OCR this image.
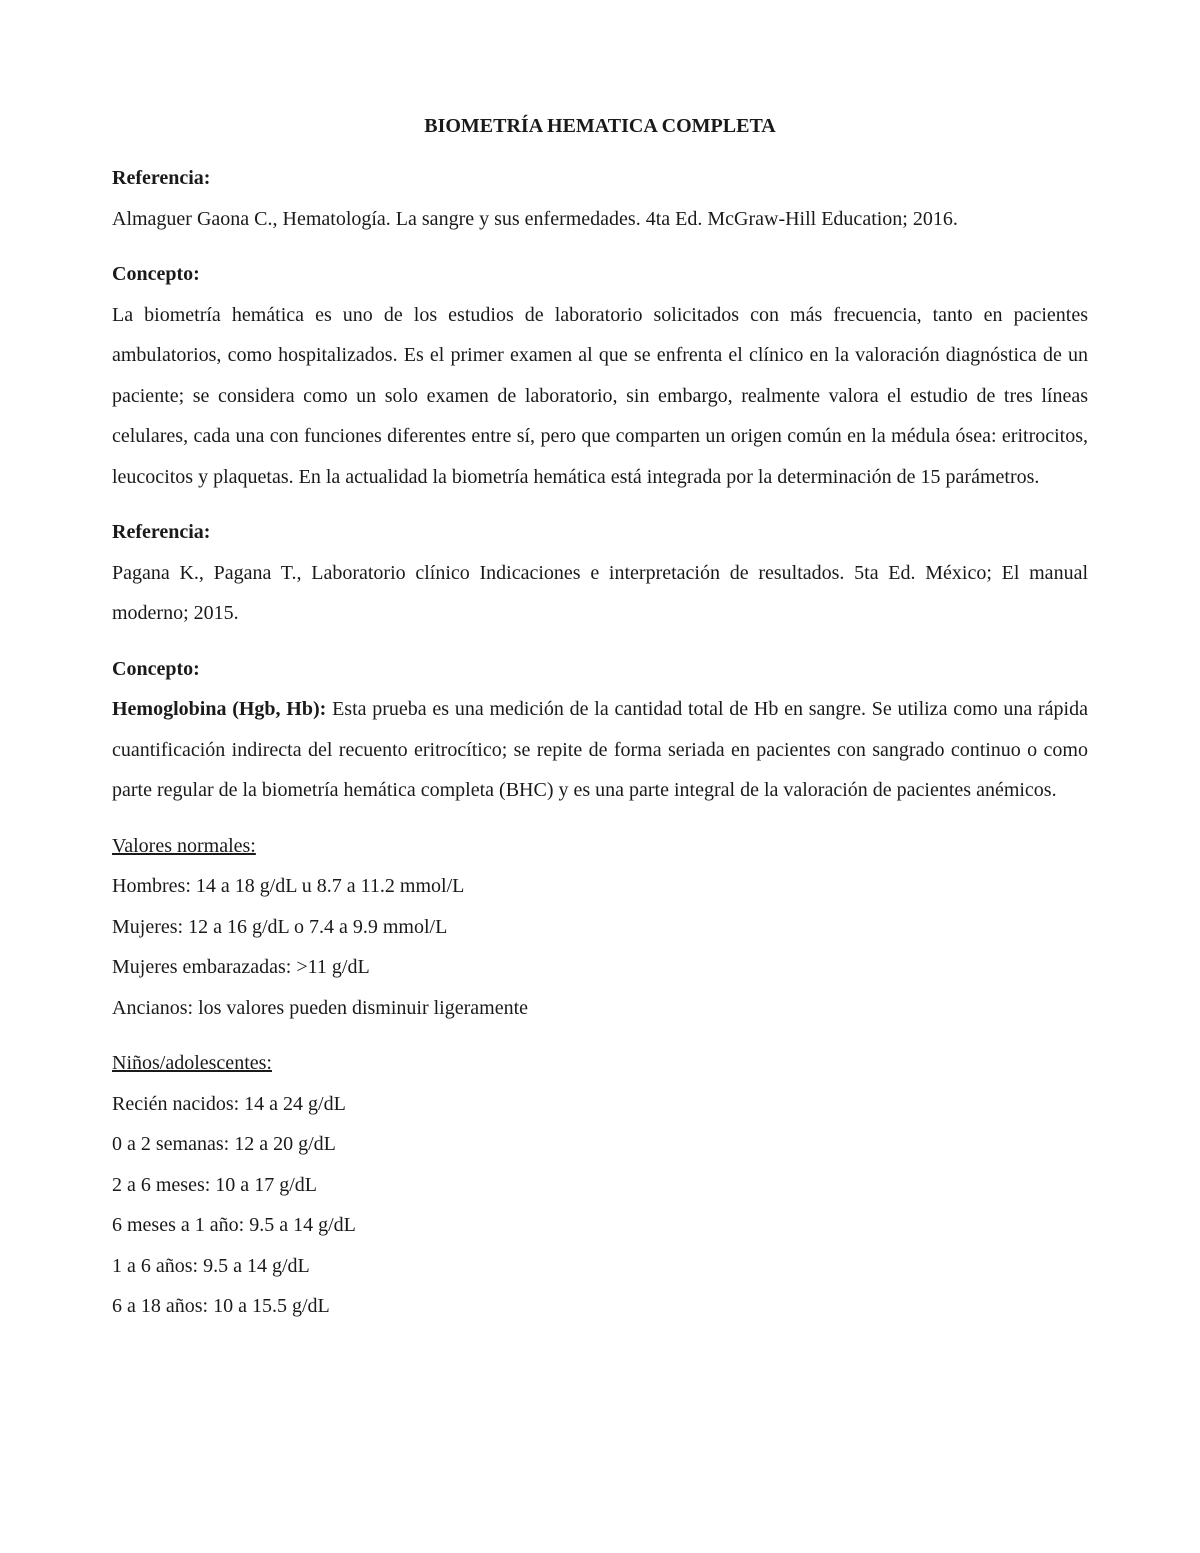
BIOMETRÍA HEMATICA COMPLETA

Referencia:

Almaguer Gaona C., Hematología. La sangre y sus enfermedades. 4ta Ed. McGraw-Hill Education; 2016.

Concepto:

La biometría hemática es uno de los estudios de laboratorio solicitados con más frecuencia, tanto en pacientes ambulatorios, como hospitalizados. Es el primer examen al que se enfrenta el clínico en la valoración diagnóstica de un paciente; se considera como un solo examen de laboratorio, sin embargo, realmente valora el estudio de tres líneas celulares, cada una con funciones diferentes entre sí, pero que comparten un origen común en la médula ósea: eritrocitos, leucocitos y plaquetas. En la actualidad la biometría hemática está integrada por la determinación de 15 parámetros.

Referencia:

Pagana K., Pagana T., Laboratorio clínico Indicaciones e interpretación de resultados. 5ta Ed. México; El manual moderno; 2015.

Concepto:

Hemoglobina (Hgb, Hb): Esta prueba es una medición de la cantidad total de Hb en sangre. Se utiliza como una rápida cuantificación indirecta del recuento eritrocítico; se repite de forma seriada en pacientes con sangrado continuo o como parte regular de la biometría hemática completa (BHC) y es una parte integral de la valoración de pacientes anémicos.

Valores normales:

Hombres: 14 a 18 g/dL u 8.7 a 11.2 mmol/L

Mujeres: 12 a 16 g/dL o 7.4 a 9.9 mmol/L

Mujeres embarazadas: >11 g/dL

Ancianos: los valores pueden disminuir ligeramente

Niños/adolescentes:

Recién nacidos: 14 a 24 g/dL

0 a 2 semanas: 12 a 20 g/dL

2 a 6 meses: 10 a 17 g/dL

6 meses a 1 año: 9.5 a 14 g/dL

1 a 6 años: 9.5 a 14 g/dL

6 a 18 años: 10 a 15.5 g/dL
